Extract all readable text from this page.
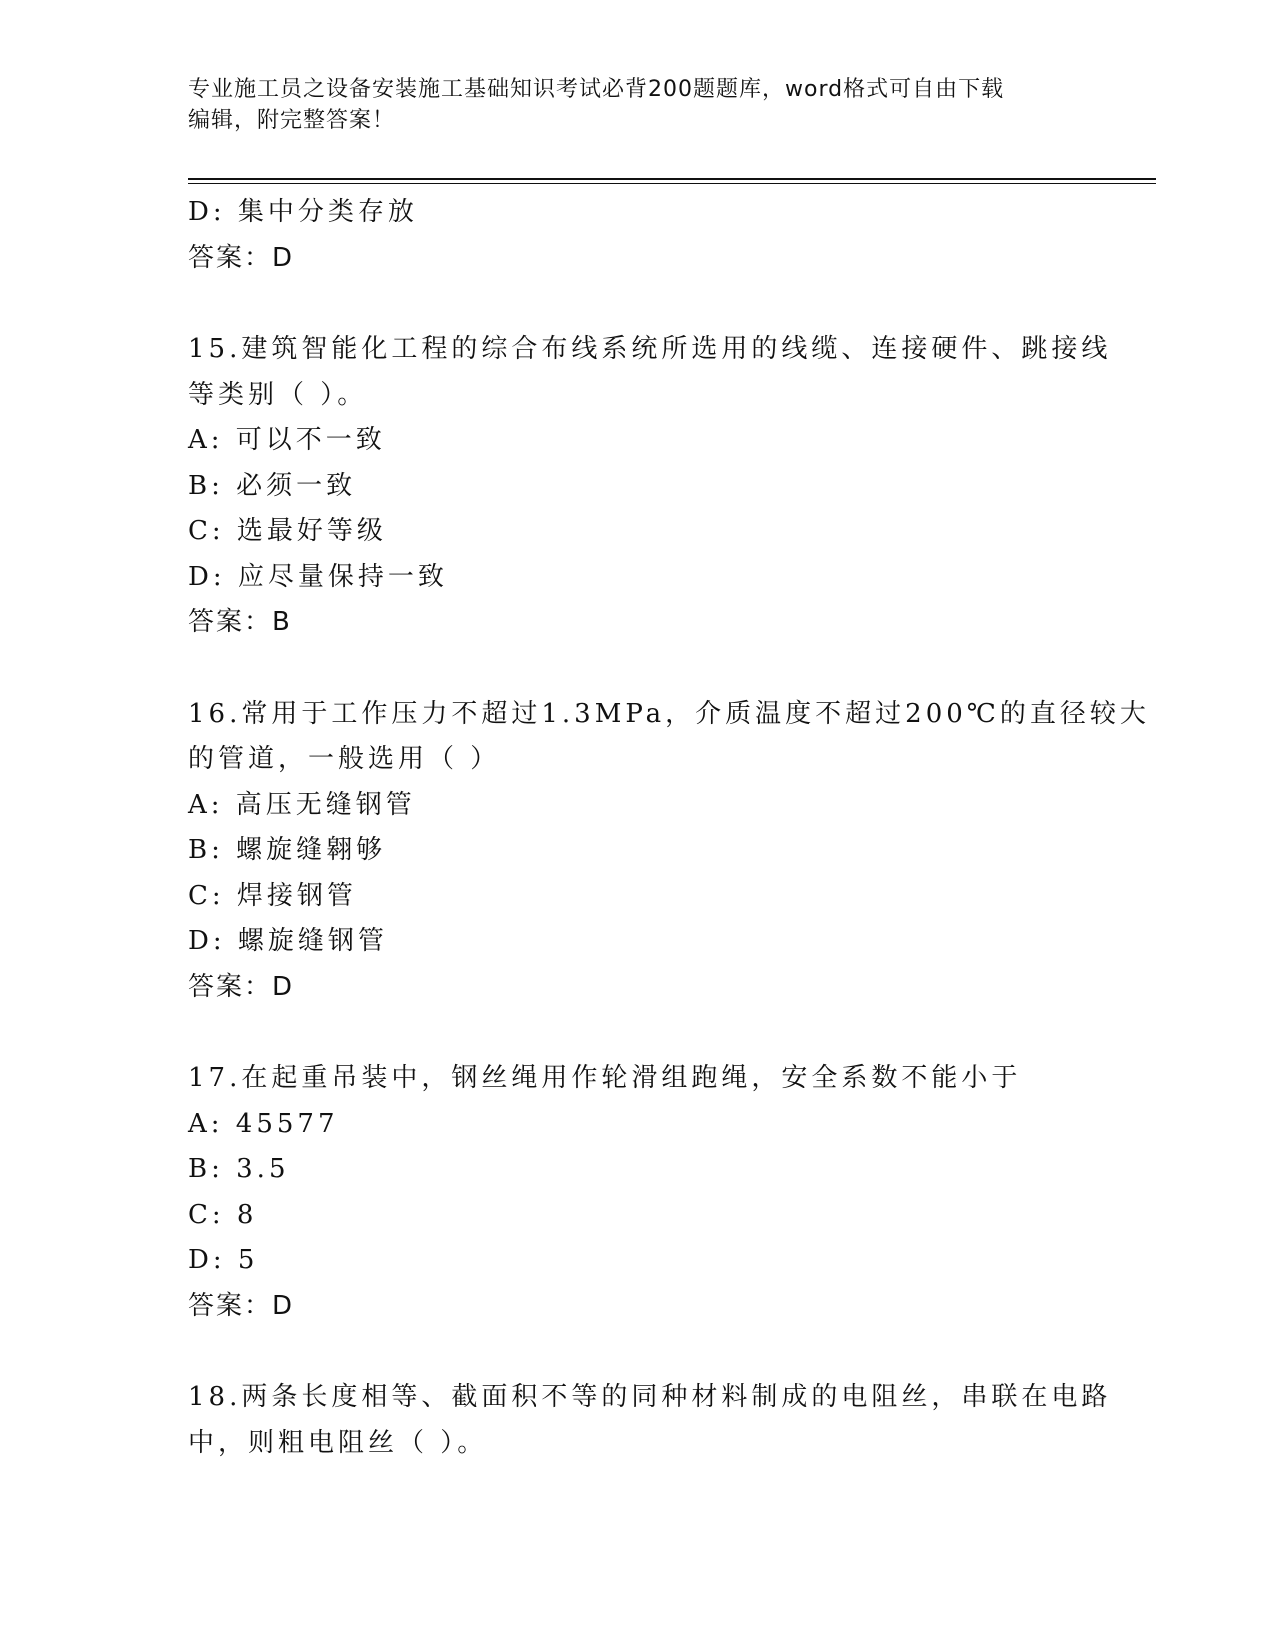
专业施工员之设备安装施工基础知识考试必背200题题库，word格式可自由下载
编辑，附完整答案！
D: 集中分类存放
答案：D
15.建筑智能化工程的综合布线系统所选用的线缆、连接硬件、跳接线
等类别（ ）。
A: 可以不一致
B: 必须一致
C: 选最好等级
D: 应尽量保持一致
答案：B
16.常用于工作压力不超过1.3MPa，介质温度不超过200℃的直径较大
的管道，一般选用（ ）
A: 高压无缝钢管
B: 螺旋缝翱够
C: 焊接钢管
D: 螺旋缝钢管
答案：D
17.在起重吊装中，钢丝绳用作轮滑组跑绳，安全系数不能小于
A: 45577
B: 3.5
C: 8
D: 5
答案：D
18.两条长度相等、截面积不等的同种材料制成的电阻丝，串联在电路
中，则粗电阻丝（ ）。
